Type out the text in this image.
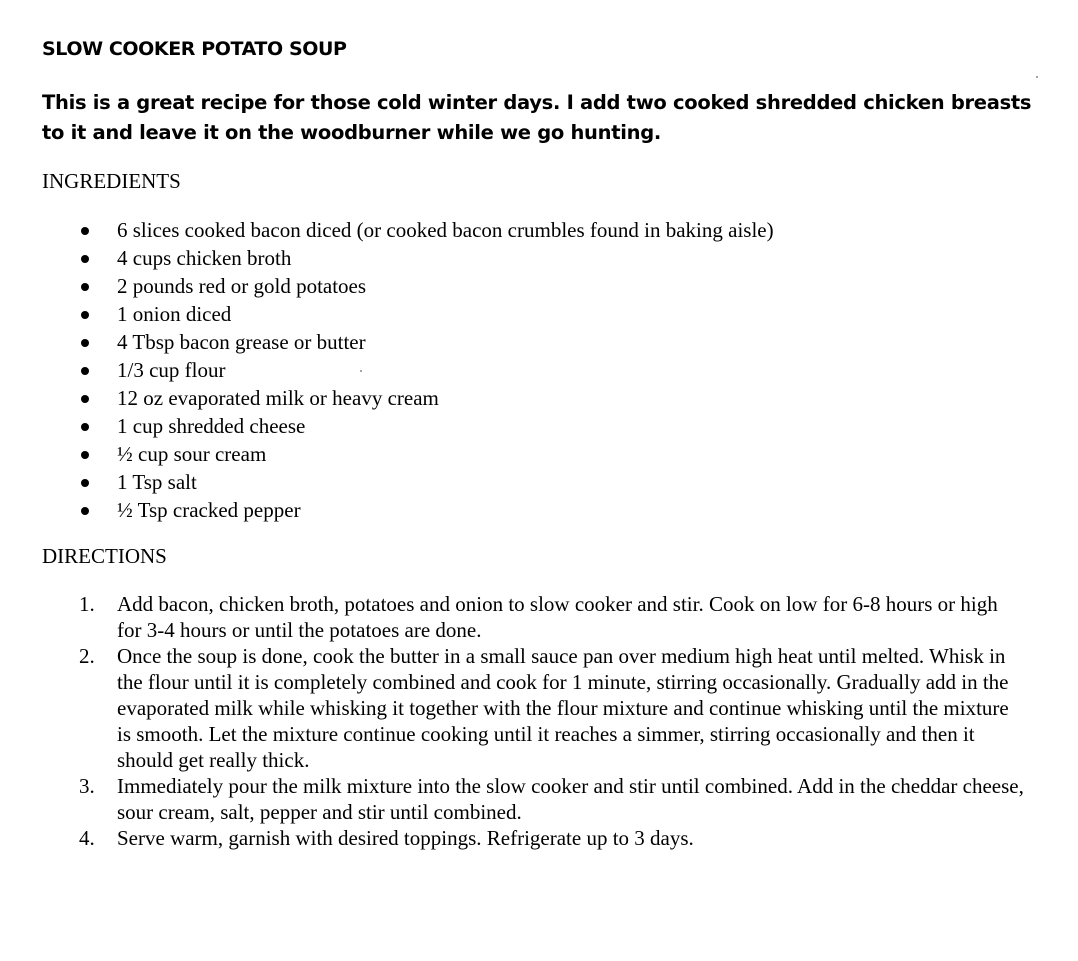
SLOW COOKER POTATO SOUP
This is a great recipe for those cold winter days. I add two cooked shredded chicken breasts to it and leave it on the woodburner while we go hunting.
INGREDIENTS
6 slices cooked bacon diced (or cooked bacon crumbles found in baking aisle)
4 cups chicken broth
2 pounds red or gold potatoes
1 onion diced
4 Tbsp bacon grease or butter
1/3 cup flour
12 oz evaporated milk or heavy cream
1 cup shredded cheese
½ cup sour cream
1 Tsp salt
½ Tsp cracked pepper
DIRECTIONS
1. Add bacon, chicken broth, potatoes and onion to slow cooker and stir. Cook on low for 6-8 hours or high for 3-4 hours or until the potatoes are done.
2. Once the soup is done, cook the butter in a small sauce pan over medium high heat until melted. Whisk in the flour until it is completely combined and cook for 1 minute, stirring occasionally. Gradually add in the evaporated milk while whisking it together with the flour mixture and continue whisking until the mixture is smooth. Let the mixture continue cooking until it reaches a simmer, stirring occasionally and then it should get really thick.
3. Immediately pour the milk mixture into the slow cooker and stir until combined. Add in the cheddar cheese, sour cream, salt, pepper and stir until combined.
4. Serve warm, garnish with desired toppings. Refrigerate up to 3 days.
